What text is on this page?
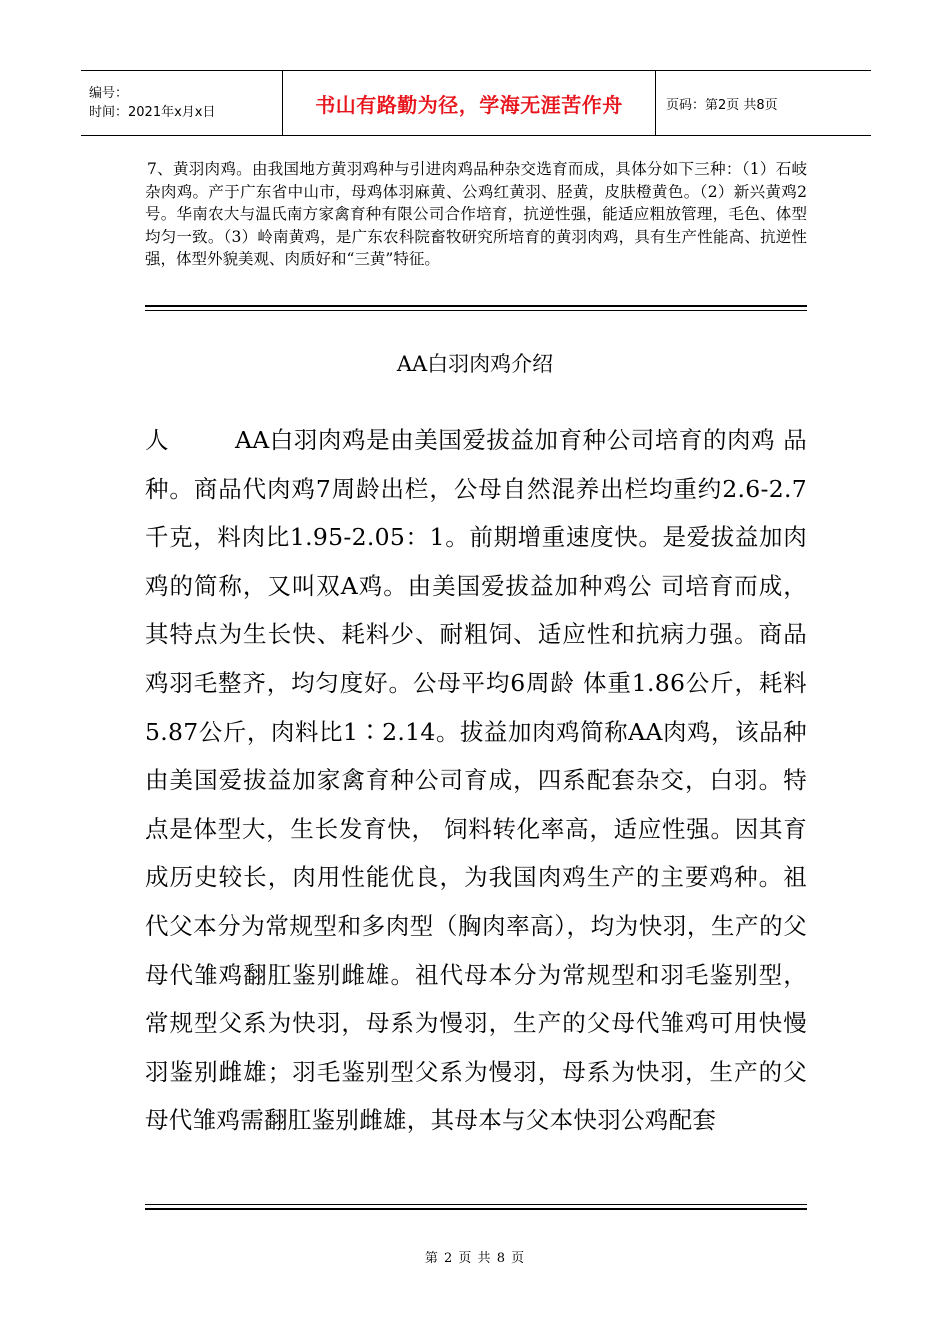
编号：
时间：2021年x月x日	书山有路勤为径，学海无涯苦作舟	页码：第2页 共8页
7、黄羽肉鸡。由我国地方黄羽鸡种与引进肉鸡品种杂交选育而成，具体分如下三种：（1）石岐杂肉鸡。产于广东省中山市，母鸡体羽麻黄、公鸡红黄羽、胫黄，皮肤橙黄色。（2）新兴黄鸡2号。华南农大与温氏南方家禽育种有限公司合作培育，抗逆性强，能适应粗放管理，毛色、体型均匀一致。（3）岭南黄鸡，是广东农科院畜牧研究所培育的黄羽肉鸡，具有生产性能高、抗逆性强，体型外貌美观、肉质好和“三黄”特征。
AA白羽肉鸡介绍
人	AA白羽肉鸡是由美国爱拔益加育种公司培育的肉鸡 品种。商品代肉鸡7周龄出栏，公母自然混养出栏均重约2.6-2.7千克，料肉比1.95-2.05：1。前期增重速度快。是爱拔益加肉鸡的简称，又叫双A鸡。由美国爱拔益加种鸡公 司培育而成，其特点为生长快、耗料少、耐粗饲、适应性和抗病力强。商品鸡羽毛整齐，均匀度好。公母平均6周龄 体重1.86公斤，耗料5.87公斤，肉料比1∶2.14。拔益加肉鸡简称AA肉鸡，该品种由美国爱拔益加家禽育种公司育成，四系配套杂交，白羽。特点是体型大，生长发育快， 饲料转化率高，适应性强。因其育成历史较长，肉用性能优良，为我国肉鸡生产的主要鸡种。祖代父本分为常规型和多肉型（胸肉率高），均为快羽，生产的父母代雏鸡翻肛鉴别雌雄。祖代母本分为常规型和羽毛鉴别型，常规型父系为快羽，母系为慢羽，生产的父母代雏鸡可用快慢羽鉴别雌雄；羽毛鉴别型父系为慢羽，母系为快羽，生产的父母代雏鸡需翻肛鉴别雌雄，其母本与父本快羽公鸡配套
第 2 页 共 8 页
